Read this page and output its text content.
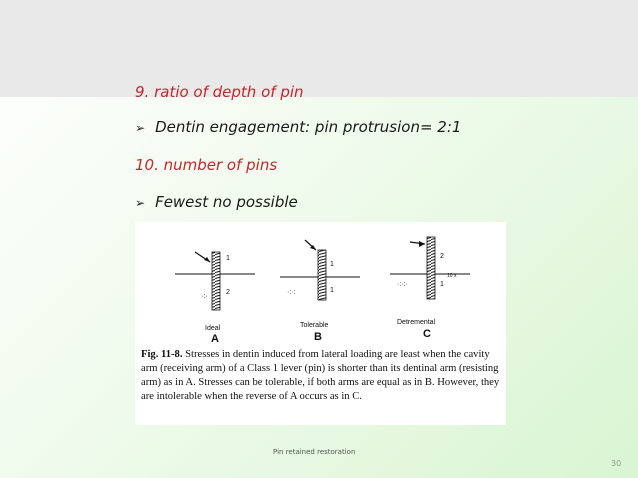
9. ratio of depth of pin
➢ Dentin engagement: pin protrusion= 2:1
10. number of pins
➢ Fewest no possible
1
2
·:·
Ideal
A
1
1
·:·:
Tolerable
B
2
1
10 x
·:·:·
Detremental
C
Fig. 11-8. Stresses in dentin induced from lateral loading are least when the cavity arm (receiving arm) of a Class 1 lever (pin) is shorter than its dentinal arm (resisting arm) as in A. Stresses can be tolerable, if both arms are equal as in B. However, they are intolerable when the reverse of A occurs as in C.
Pin retained restoration
30
